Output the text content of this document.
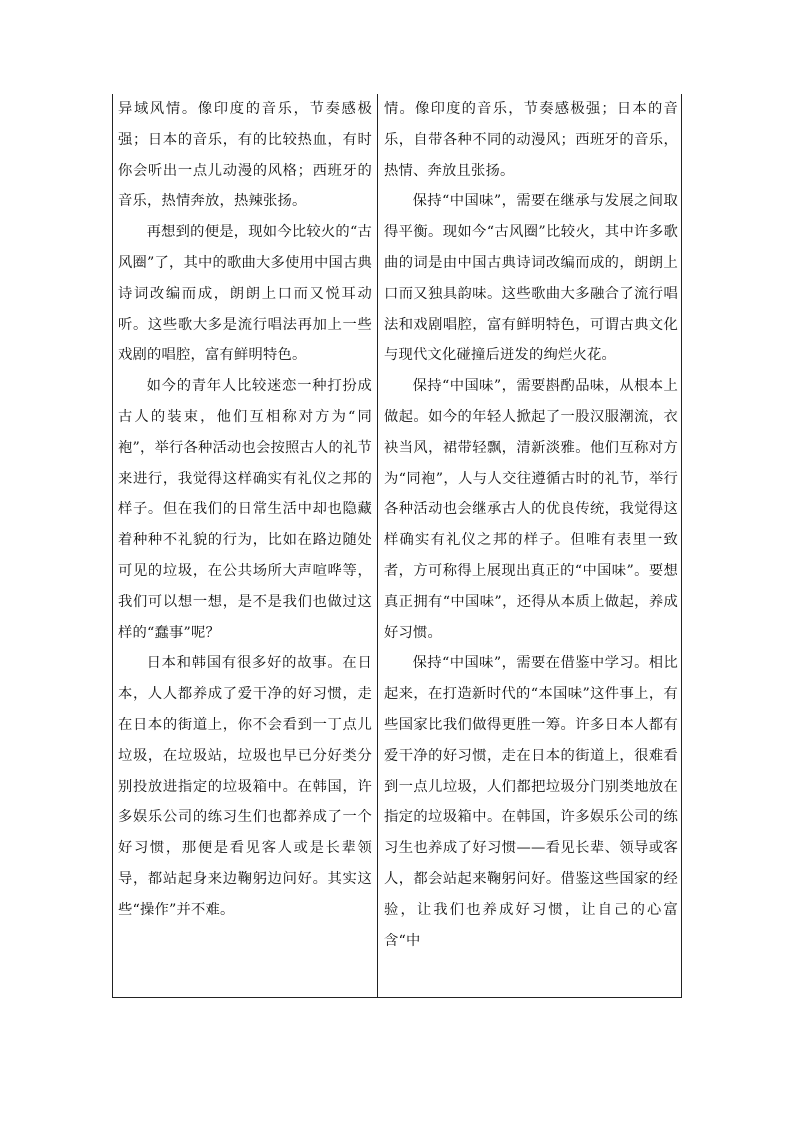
异域风情。像印度的音乐，节奏感极强；日本的音乐，有的比较热血，有时你会听出一点儿动漫的风格；西班牙的音乐，热情奔放，热辣张扬。

再想到的便是，现如今比较火的“古风圈”了，其中的歌曲大多使用中国古典诗词改编而成，朗朗上口而又悦耳动听。这些歌大多是流行唱法再加上一些戏剧的唱腔，富有鲜明特色。

如今的青年人比较迷恋一种打扮成古人的装束，他们互相称对方为“同袍”，举行各种活动也会按照古人的礼节来进行，我觉得这样确实有礼仪之邦的样子。但在我们的日常生活中却也隐藏着种种不礼貌的行为，比如在路边随处可见的垃圾，在公共场所大声喧哗等，我们可以想一想，是不是我们也做过这样的“蠢事”呢？

日本和韩国有很多好的故事。在日本，人人都养成了爱干净的好习惯，走在日本的街道上，你不会看到一丁点儿垃圾，在垃圾站，垃圾也早已分好类分别投放进指定的垃圾箱中。在韩国，许多娱乐公司的练习生们也都养成了一个好习惯，那便是看见客人或是长辈领导，都站起身来边鞠躬边问好。其实这些“操作”并不难。

情。像印度的音乐，节奏感极强；日本的音乐，自带各种不同的动漫风；西班牙的音乐，热情、奔放且张扬。

保持“中国味”，需要在继承与发展之间取得平衡。现如今“古风圈”比较火，其中许多歌曲的词是由中国古典诗词改编而成的，朗朗上口而又独具韵味。这些歌曲大多融合了流行唱法和戏剧唱腔，富有鲜明特色，可谓古典文化与现代文化碰撞后迸发的绚烂火花。

保持“中国味”，需要斟酌品味，从根本上做起。如今的年轻人掀起了一股汉服潮流，衣袂当风，裙带轻飘，清新淡雅。他们互称对方为“同袍”，人与人交往遵循古时的礼节，举行各种活动也会继承古人的优良传统，我觉得这样确实有礼仪之邦的样子。但唯有表里一致者，方可称得上展现出真正的“中国味”。要想真正拥有“中国味”，还得从本质上做起，养成好习惯。

保持“中国味”，需要在借鉴中学习。相比起来，在打造新时代的“本国味”这件事上，有些国家比我们做得更胜一筹。许多日本人都有爱干净的好习惯，走在日本的街道上，很难看到一点儿垃圾，人们都把垃圾分门别类地放在指定的垃圾箱中。在韩国，许多娱乐公司的练习生也养成了好习惯——看见长辈、领导或客人，都会站起来鞠躬问好。借鉴这些国家的经验，让我们也养成好习惯，让自己的心富含“中
